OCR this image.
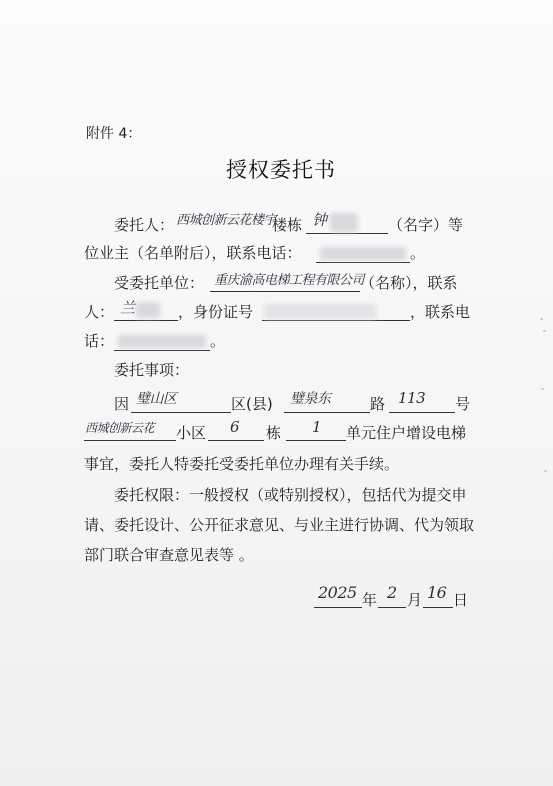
附件 4：
授权委托书
委托人： 西城创新云花楼宇
楼栋 钟	（名字）等
位业主（名单附后），联系电话：	。
受委托单位： 重庆渝高电梯工程有限公司
（名称），联系
人： 兰	，身份证号	，联系电
话：	。
委托事项：
因 璧山区	区(县) 璧泉东	路 113 号
西城创新云花 小区 6 栋 1 单元住户增设电梯
事宜，委托人特委托受委托单位办理有关手续。
委托权限：一般授权（或特别授权），包括代为提交申
请、委托设计、公开征求意见、与业主进行协调、代为领取
部门联合审查意见表等 。
2025 年 2 月 16 日
